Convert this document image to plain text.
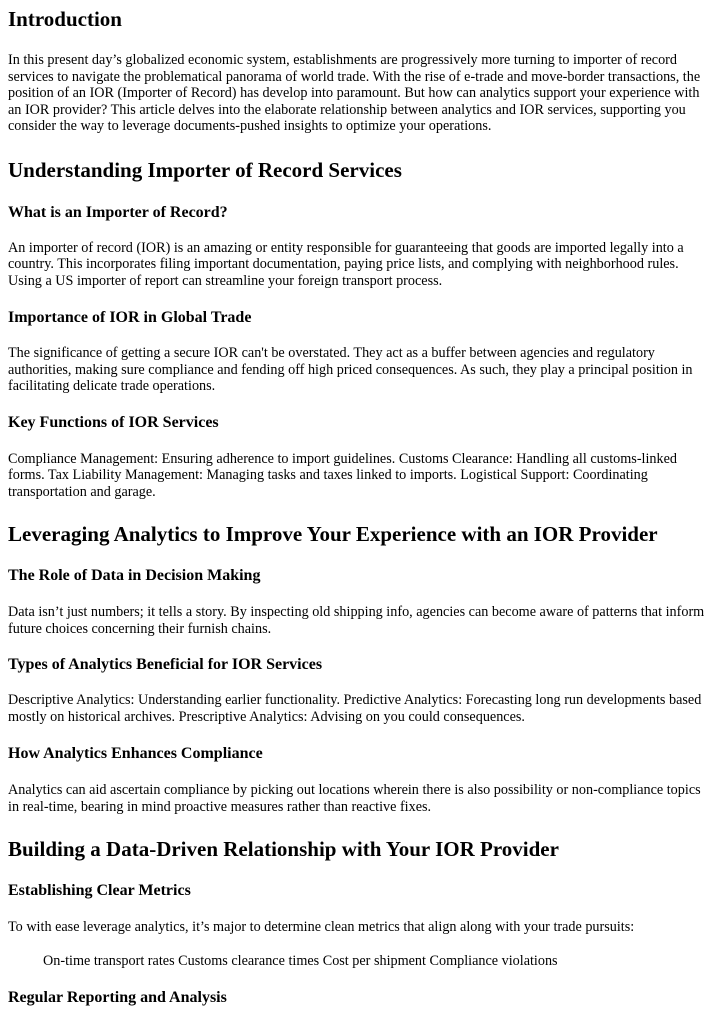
Introduction

In this present day’s globalized economic system, establishments are progressively more turning to importer of record services to navigate the problematical panorama of world trade. With the rise of e-trade and move-border transactions, the position of an IOR (Importer of Record) has develop into paramount. But how can analytics support your experience with an IOR provider? This article delves into the elaborate relationship between analytics and IOR services, supporting you consider the way to leverage documents-pushed insights to optimize your operations.

Understanding Importer of Record Services
What is an Importer of Record?

An importer of record (IOR) is an amazing or entity responsible for guaranteeing that goods are imported legally into a country. This incorporates filing important documentation, paying price lists, and complying with neighborhood rules. Using a US importer of report can streamline your foreign transport process.

Importance of IOR in Global Trade

The significance of getting a secure IOR can't be overstated. They act as a buffer between agencies and regulatory authorities, making sure compliance and fending off high priced consequences. As such, they play a principal position in facilitating delicate trade operations.

Key Functions of IOR Services

Compliance Management: Ensuring adherence to import guidelines. Customs Clearance: Handling all customs-linked forms. Tax Liability Management: Managing tasks and taxes linked to imports. Logistical Support: Coordinating transportation and garage.

Leveraging Analytics to Improve Your Experience with an IOR Provider
The Role of Data in Decision Making

Data isn’t just numbers; it tells a story. By inspecting old shipping info, agencies can become aware of patterns that inform future choices concerning their furnish chains.

Types of Analytics Beneficial for IOR Services

Descriptive Analytics: Understanding earlier functionality. Predictive Analytics: Forecasting long run developments based mostly on historical archives. Prescriptive Analytics: Advising on you could consequences.

How Analytics Enhances Compliance

Analytics can aid ascertain compliance by picking out locations wherein there is also possibility or non-compliance topics in real-time, bearing in mind proactive measures rather than reactive fixes.

Building a Data-Driven Relationship with Your IOR Provider
Establishing Clear Metrics

To with ease leverage analytics, it’s major to determine clean metrics that align along with your trade pursuits:

On-time transport rates Customs clearance times Cost per shipment Compliance violations

Regular Reporting and Analysis
